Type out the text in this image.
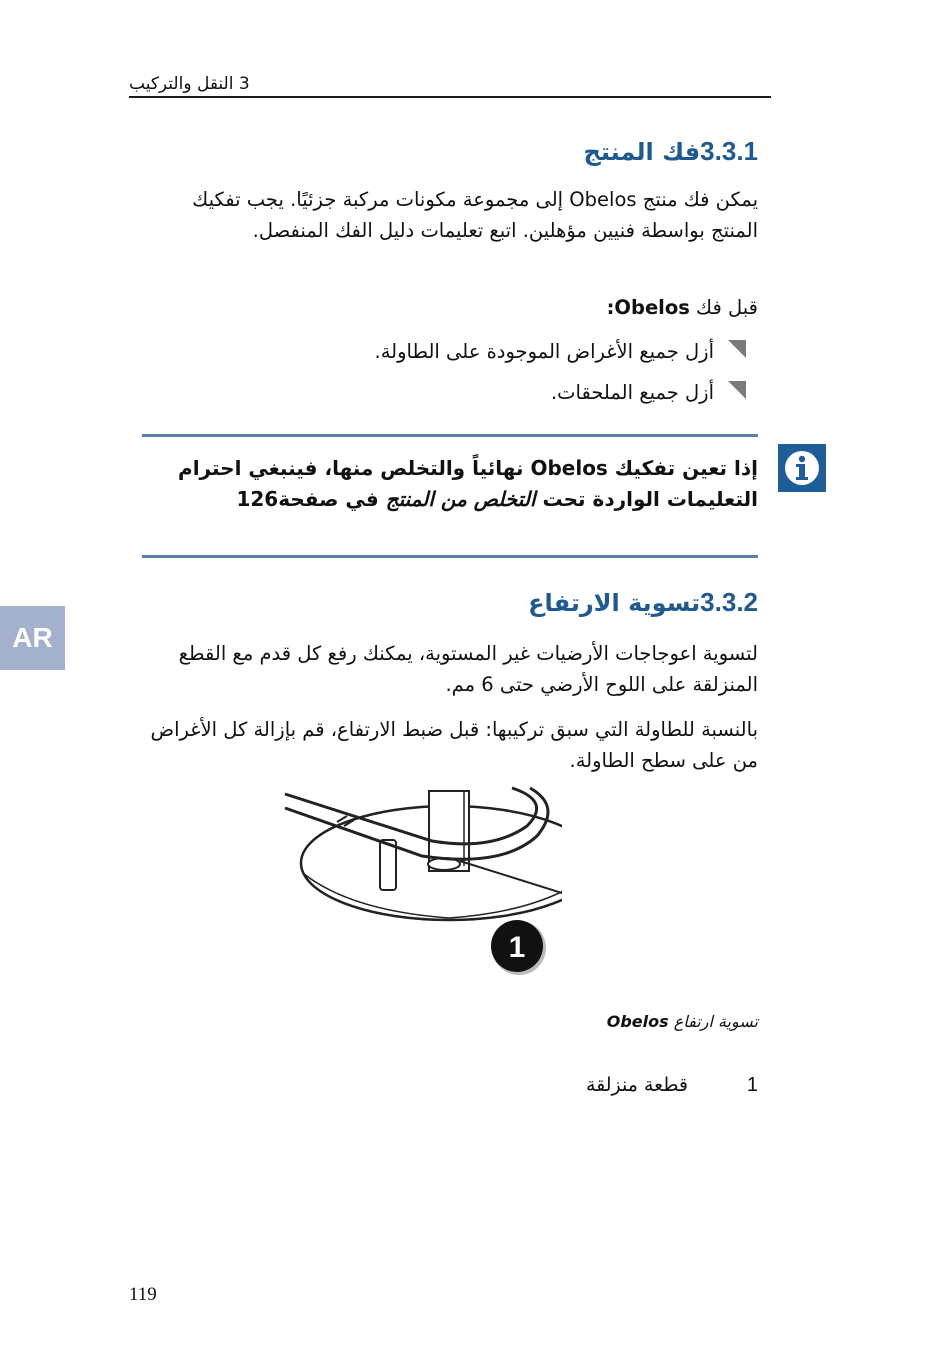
3 النقل والتركيب
AR
3.3.1فك المنتج

يمكن فك منتج Obelos إلى مجموعة مكونات مركبة جزئيًا. يجب تفكيك المنتج بواسطة فنيين مؤهلين. اتبع تعليمات دليل الفك المنفصل.

قبل فك Obelos:

أزل جميع الأغراض الموجودة على الطاولة.
أزل جميع الملحقات.

إذا تعين تفكيك Obelos نهائياً والتخلص منها، فينبغي احترام التعليمات الواردة تحت التخلص من المنتج في صفحة126

3.3.2تسوية الارتفاع

لتسوية اعوجاجات الأرضيات غير المستوية، يمكنك رفع كل قدم مع القطع المنزلقة على اللوح الأرضي حتى 6 مم.

بالنسبة للطاولة التي سبق تركيبها: قبل ضبط الارتفاع، قم بإزالة كل الأغراض من على سطح الطاولة.

1

تسوية ارتفاع Obelos

1
قطعة منزلقة
119
